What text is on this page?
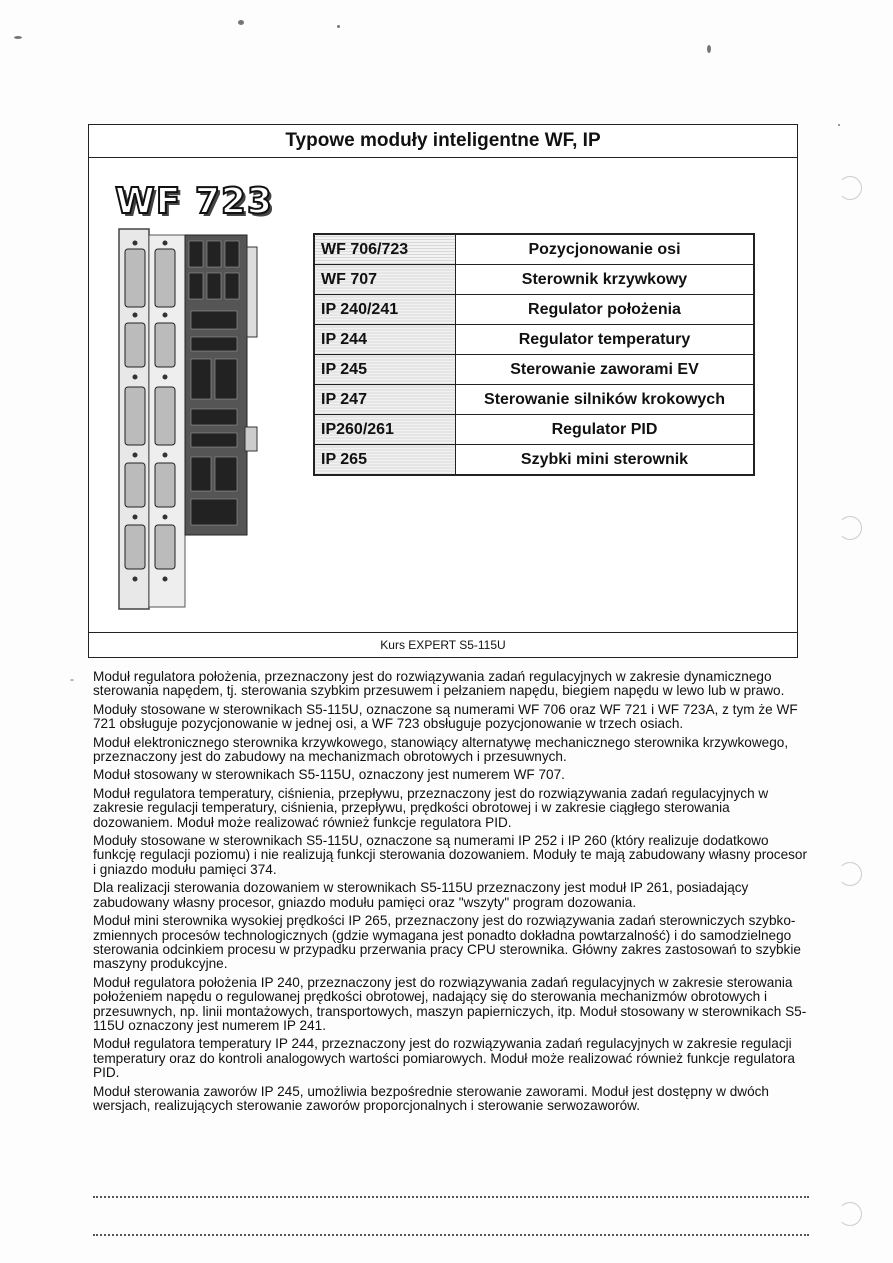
Typowe moduły inteligentne WF, IP
WF 723
WF 706/723	Pozycjonowanie osi
WF 707	Sterownik krzywkowy
IP 240/241	Regulator położenia
IP 244	Regulator temperatury
IP 245	Sterowanie zaworami EV
IP 247	Sterowanie silników krokowych
IP260/261	Regulator PID
IP 265	Szybki mini sterownik
Kurs EXPERT S5-115U
- Moduł regulatora położenia, przeznaczony jest do rozwiązywania zadań regulacyjnych w zakresie dynamicznego sterowania napędem, tj. sterowania szybkim przesuwem i pełzaniem napędu, biegiem napędu w lewo lub w prawo.

Moduły stosowane w sterownikach S5-115U, oznaczone są numerami WF 706 oraz WF 721 i WF 723A, z tym że WF 721 obsługuje pozycjonowanie w jednej osi, a WF 723 obsługuje pozycjonowanie w trzech osiach.

Moduł elektronicznego sterownika krzywkowego, stanowiący alternatywę mechanicznego sterownika krzywkowego, przeznaczony jest do zabudowy na mechanizmach obrotowych i przesuwnych.

Moduł stosowany w sterownikach S5-115U, oznaczony jest numerem WF 707.

Moduł regulatora temperatury, ciśnienia, przepływu, przeznaczony jest do rozwiązywania zadań regulacyjnych w zakresie regulacji temperatury, ciśnienia, przepływu, prędkości obrotowej i w zakresie ciągłego sterowania dozowaniem. Moduł może realizować również funkcje regulatora PID.

Moduły stosowane w sterownikach S5-115U, oznaczone są numerami IP 252 i IP 260 (który realizuje dodatkowo funkcję regulacji poziomu) i nie realizują funkcji sterowania dozowaniem. Moduły te mają zabudowany własny procesor i gniazdo modułu pamięci 374.

Dla realizacji sterowania dozowaniem w sterownikach S5-115U przeznaczony jest moduł IP 261, posiadający zabudowany własny procesor, gniazdo modułu pamięci oraz "wszyty" program dozowania.

Moduł mini sterownika wysokiej prędkości IP 265, przeznaczony jest do rozwiązywania zadań sterowniczych szybko-zmiennych procesów technologicznych (gdzie wymagana jest ponadto dokładna powtarzalność) i do samodzielnego sterowania odcinkiem procesu w przypadku przerwania pracy CPU sterownika. Główny zakres zastosowań to szybkie maszyny produkcyjne.

Moduł regulatora położenia IP 240, przeznaczony jest do rozwiązywania zadań regulacyjnych w zakresie sterowania położeniem napędu o regulowanej prędkości obrotowej, nadający się do sterowania mechanizmów obrotowych i przesuwnych, np. linii montażowych, transportowych, maszyn papierniczych, itp. Moduł stosowany w sterownikach S5-115U oznaczony jest numerem IP 241.

Moduł regulatora temperatury IP 244, przeznaczony jest do rozwiązywania zadań regulacyjnych w zakresie regulacji temperatury oraz do kontroli analogowych wartości pomiarowych. Moduł może realizować również funkcje regulatora PID.

Moduł sterowania zaworów IP 245, umożliwia bezpośrednie sterowanie zaworami. Moduł jest dostępny w dwóch wersjach, realizujących sterowanie zaworów proporcjonalnych i sterowanie serwozaworów.
